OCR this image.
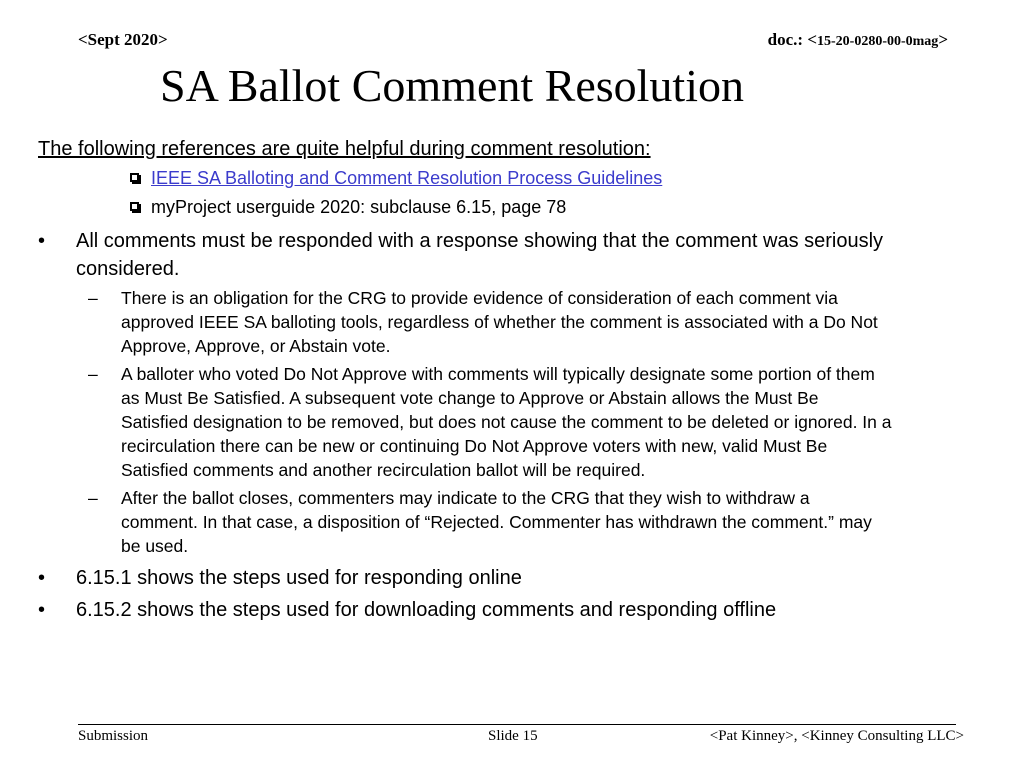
<Sept 2020>	doc.: <15-20-0280-00-0mag>
SA Ballot Comment Resolution
The following references are quite helpful during comment resolution:
IEEE SA Balloting and Comment Resolution Process Guidelines
myProject userguide 2020: subclause 6.15, page 78
• All comments must be responded with a response showing that the comment was seriously
considered.
– There is an obligation for the CRG to provide evidence of consideration of each comment via
approved IEEE SA balloting tools, regardless of whether the comment is associated with a Do Not
Approve, Approve, or Abstain vote.
– A balloter who voted Do Not Approve with comments will typically designate some portion of them
as Must Be Satisfied. A subsequent vote change to Approve or Abstain allows the Must Be
Satisfied designation to be removed, but does not cause the comment to be deleted or ignored. In a
recirculation there can be new or continuing Do Not Approve voters with new, valid Must Be
Satisfied comments and another recirculation ballot will be required.
– After the ballot closes, commenters may indicate to the CRG that they wish to withdraw a
comment. In that case, a disposition of “Rejected. Commenter has withdrawn the comment.” may
be used.
• 6.15.1 shows the steps used for responding online
• 6.15.2 shows the steps used for downloading comments and responding offline
Submission	Slide 15	<Pat Kinney>, <Kinney Consulting LLC>
